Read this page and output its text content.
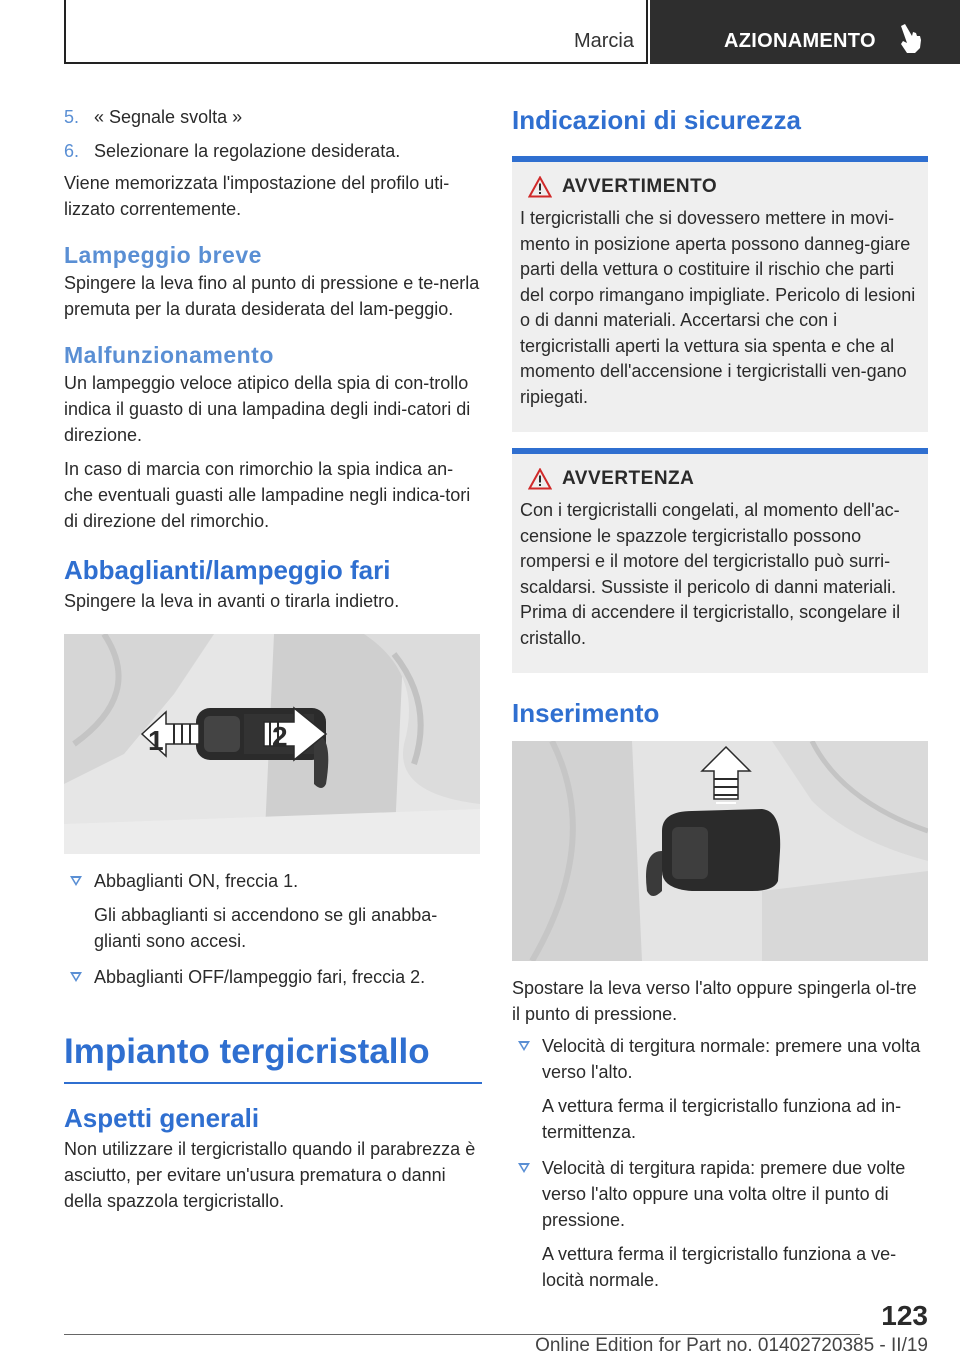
Marcia	AZIONAMENTO
5. « Segnale svolta »
6. Selezionare la regolazione desiderata.

Viene memorizzata l'impostazione del profilo uti-lizzato correntemente.

Lampeggio breve

Spingere la leva fino al punto di pressione e te-nerla premuta per la durata desiderata del lam-peggio.

Malfunzionamento

Un lampeggio veloce atipico della spia di con-trollo indica il guasto di una lampadina degli indi-catori di direzione.

In caso di marcia con rimorchio la spia indica an-che eventuali guasti alle lampadine negli indica-tori di direzione del rimorchio.

Abbaglianti/lampeggio fari

Spingere la leva in avanti o tirarla indietro.

1	2
Abbaglianti ON, freccia 1.

Gli abbaglianti si accendono se gli anabba-glianti sono accesi.

Abbaglianti OFF/lampeggio fari, freccia 2.
Impianto tergicristallo
Aspetti generali

Non utilizzare il tergicristallo quando il parabrezza è asciutto, per evitare un'usura prematura o danni della spazzola tergicristallo.

Indicazioni di sicurezza
AVVERTIMENTO

I tergicristalli che si dovessero mettere in movi-mento in posizione aperta possono danneg-giare parti della vettura o costituire il rischio che parti del corpo rimangano impigliate. Pericolo di lesioni o di danni materiali. Accertarsi che con i tergicristalli aperti la vettura sia spenta e che al momento dell'accensione i tergicristalli ven-gano ripiegati.

AVVERTENZA

Con i tergicristalli congelati, al momento dell'ac-censione le spazzole tergicristallo possono rompersi e il motore del tergicristallo può surri-scaldarsi. Sussiste il pericolo di danni materiali. Prima di accendere il tergicristallo, scongelare il cristallo.

Inserimento

Spostare la leva verso l'alto oppure spingerla ol-tre il punto di pressione.

Velocità di tergitura normale: premere una volta verso l'alto.

A vettura ferma il tergicristallo funziona ad in-termittenza.

Velocità di tergitura rapida: premere due volte verso l'alto oppure una volta oltre il punto di pressione.

A vettura ferma il tergicristallo funziona a ve-locità normale.

123
Online Edition for Part no. 01402720385 - II/19
